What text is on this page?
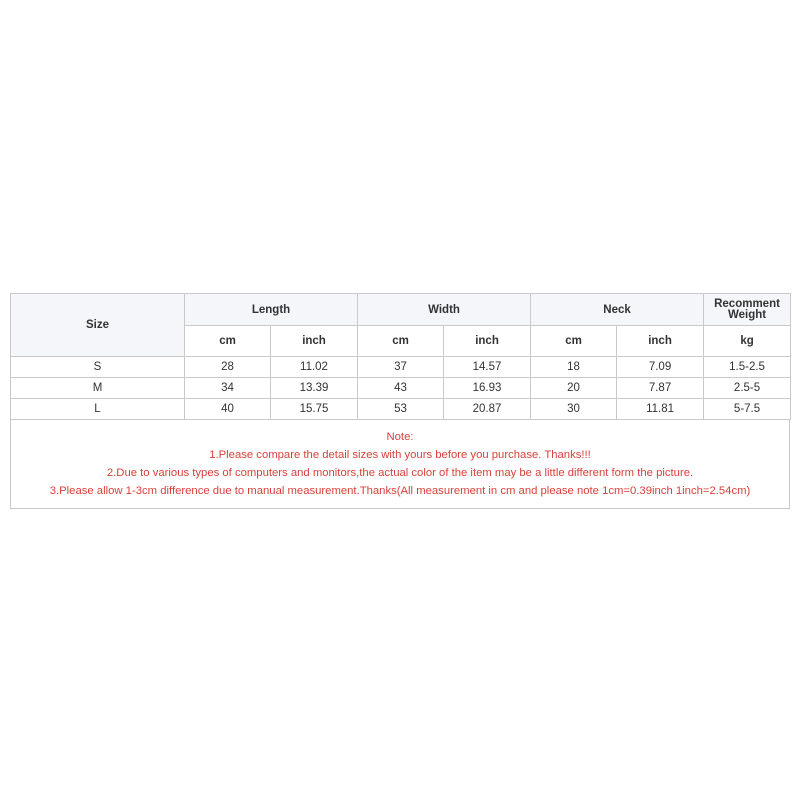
Size	Length		Width		Neck		Recomment
Weight
	cm	inch	cm	inch	cm	inch	kg
S	28	11.02	37	14.57	18	7.09	1.5-2.5
M	34	13.39	43	16.93	20	7.87	2.5-5
L	40	15.75	53	20.87	30	11.81	5-7.5
Note:
1.Please compare the detail sizes with yours before you purchase. Thanks!!!
2.Due to various types of computers and monitors,the actual color of the item may be a little different form the picture.
3.Please allow 1-3cm difference due to manual measurement.Thanks(All measurement in cm and please note 1cm=0.39inch 1inch=2.54cm)
